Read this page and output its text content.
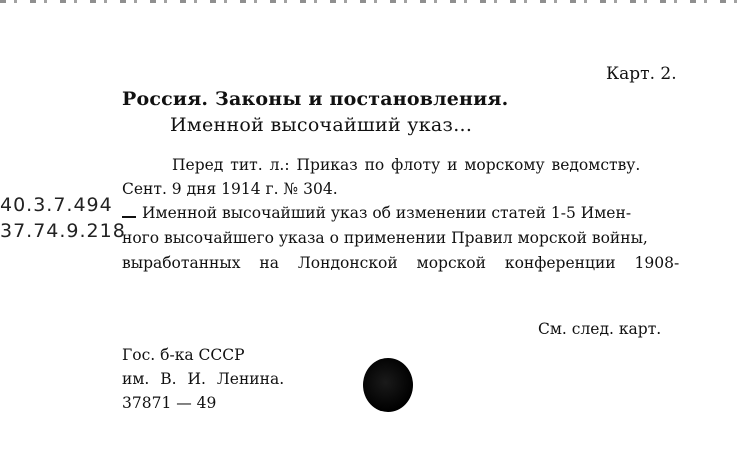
Карт. 2.
Россия. Законы и постановления.
Именной высочайший указ...
Перед тит. л.: Приказ по флоту и морскому ведомству.
Сент. 9 дня 1914 г. № 304.
Именной высочайший указ об изменении статей 1-5 Имен-
ного высочайшего указа о применении Правил морской войны,
выработанных на Лондонской морской конференции 1908-
40.3.7.494
37.74.9.218
См. след. карт.
Гос. б-ка СССР
им. В. И. Ленина.
37871 — 49
